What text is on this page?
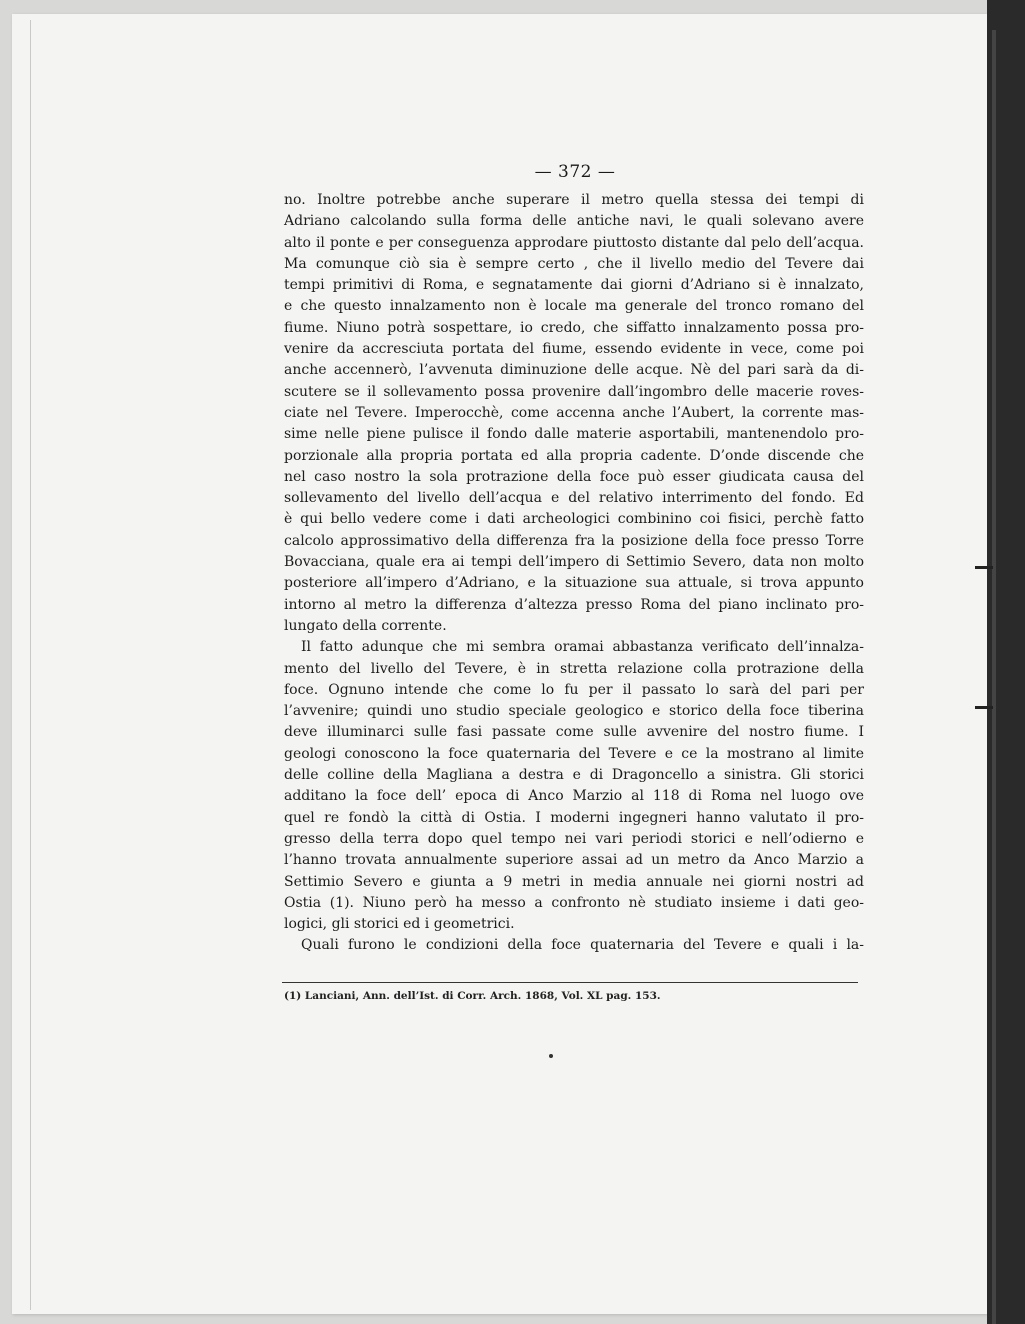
— 372 —
no. Inoltre potrebbe anche superare il metro quella stessa dei tempi di
Adriano calcolando sulla forma delle antiche navi, le quali solevano avere
alto il ponte e per conseguenza approdare piuttosto distante dal pelo dell’acqua.
Ma comunque ciò sia è sempre certo , che il livello medio del Tevere dai
tempi primitivi di Roma, e segnatamente dai giorni d’Adriano si è innalzato,
e che questo innalzamento non è locale ma generale del tronco romano del
fiume. Niuno potrà sospettare, io credo, che siffatto innalzamento possa pro-
venire da accresciuta portata del fiume, essendo evidente in vece, come poi
anche accennerò, l’avvenuta diminuzione delle acque. Nè del pari sarà da di-
scutere se il sollevamento possa provenire dall’ingombro delle macerie roves-
ciate nel Tevere. Imperocchè, come accenna anche l’Aubert, la corrente mas-
sime nelle piene pulisce il fondo dalle materie asportabili, mantenendolo pro-
porzionale alla propria portata ed alla propria cadente. D’onde discende che
nel caso nostro la sola protrazione della foce può esser giudicata causa del
sollevamento del livello dell’acqua e del relativo interrimento del fondo. Ed
è qui bello vedere come i dati archeologici combinino coi fisici, perchè fatto
calcolo approssimativo della differenza fra la posizione della foce presso Torre
Bovacciana, quale era ai tempi dell’impero di Settimio Severo, data non molto
posteriore all’impero d’Adriano, e la situazione sua attuale, si trova appunto
intorno al metro la differenza d’altezza presso Roma del piano inclinato pro-
lungato della corrente.
Il fatto adunque che mi sembra oramai abbastanza verificato dell’innalza-
mento del livello del Tevere, è in stretta relazione colla protrazione della
foce. Ognuno intende che come lo fu per il passato lo sarà del pari per
l’avvenire; quindi uno studio speciale geologico e storico della foce tiberina
deve illuminarci sulle fasi passate come sulle avvenire del nostro fiume. I
geologi conoscono la foce quaternaria del Tevere e ce la mostrano al limite
delle colline della Magliana a destra e di Dragoncello a sinistra. Gli storici
additano la foce dell’ epoca di Anco Marzio al 118 di Roma nel luogo ove
quel re fondò la città di Ostia. I moderni ingegneri hanno valutato il pro-
gresso della terra dopo quel tempo nei vari periodi storici e nell’odierno e
l’hanno trovata annualmente superiore assai ad un metro da Anco Marzio a
Settimio Severo e giunta a 9 metri in media annuale nei giorni nostri ad
Ostia (1). Niuno però ha messo a confronto nè studiato insieme i dati geo-
logici, gli storici ed i geometrici.
Quali furono le condizioni della foce quaternaria del Tevere e quali i la-
(1) Lanciani, Ann. dell’Ist. di Corr. Arch. 1868, Vol. XL pag. 153.
